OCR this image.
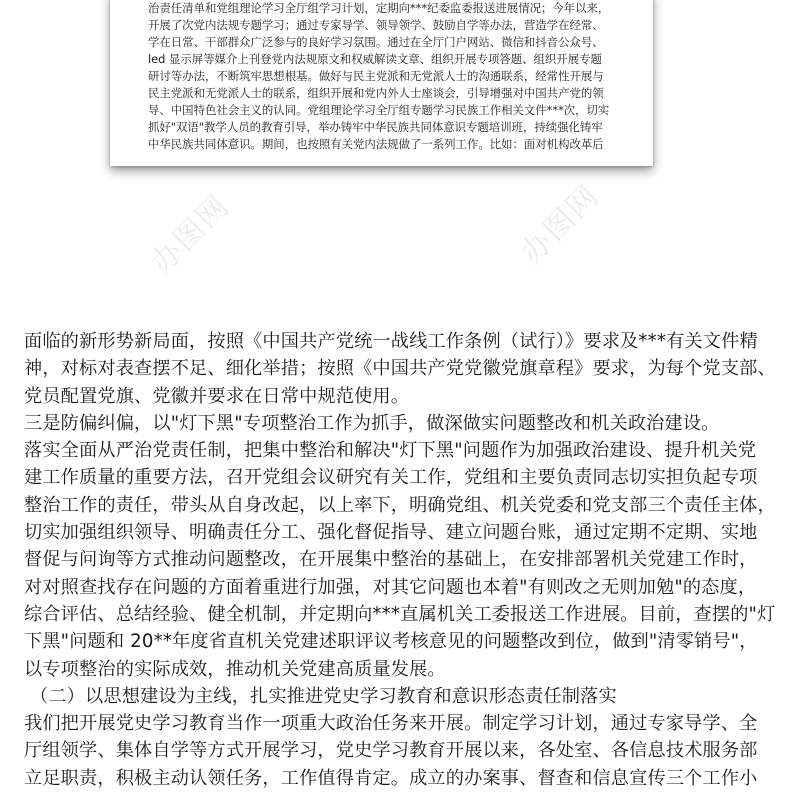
办图网	办图网
治责任清单和党组理论学习全厅组学习计划，定期向***纪委监委报送进展情况；今年以来，
开展了次党内法规专题学习；通过专家导学、领导领学、鼓励自学等办法，营造学在经常、
学在日常、干部群众广泛参与的良好学习氛围。通过在全厅门户网站、微信和抖音公众号、
led 显示屏等媒介上刊登党内法规原文和权威解读文章、组织开展专项答题、组织开展专题
研讨等办法，不断筑牢思想根基。做好与民主党派和无党派人士的沟通联系，经常性开展与
民主党派和无党派人士的联系，组织开展和党内外人士座谈会，引导增强对中国共产党的领
导、中国特色社会主义的认同。党组理论学习全厅组专题学习民族工作相关文件***次，切实
抓好"双语"教学人员的教育引导，举办铸牢中华民族共同体意识专题培训班，持续强化铸牢
中华民族共同体意识。期间，也按照有关党内法规做了一系列工作。比如：面对机构改革后
面临的新形势新局面，按照《中国共产党统一战线工作条例（试行）》要求及***有关文件精
神，对标对表查摆不足、细化举措；按照《中国共产党党徽党旗章程》要求，为每个党支部、
党员配置党旗、党徽并要求在日常中规范使用。
三是防偏纠偏，以"灯下黑"专项整治工作为抓手，做深做实问题整改和机关政治建设。
落实全面从严治党责任制，把集中整治和解决"灯下黑"问题作为加强政治建设、提升机关党
建工作质量的重要方法，召开党组会议研究有关工作，党组和主要负责同志切实担负起专项
整治工作的责任，带头从自身改起，以上率下，明确党组、机关党委和党支部三个责任主体，
切实加强组织领导、明确责任分工、强化督促指导、建立问题台账，通过定期不定期、实地
督促与问询等方式推动问题整改，在开展集中整治的基础上，在安排部署机关党建工作时，
对对照查找存在问题的方面着重进行加强，对其它问题也本着"有则改之无则加勉"的态度，
综合评估、总结经验、健全机制，并定期向***直属机关工委报送工作进展。目前，查摆的"灯
下黑"问题和 20**年度省直机关党建述职评议考核意见的问题整改到位，做到"清零销号"，
以专项整治的实际成效，推动机关党建高质量发展。
（二）以思想建设为主线，扎实推进党史学习教育和意识形态责任制落实
我们把开展党史学习教育当作一项重大政治任务来开展。制定学习计划，通过专家导学、全
厅组领学、集体自学等方式开展学习，党史学习教育开展以来，各处室、各信息技术服务部
立足职责，积极主动认领任务，工作值得肯定。成立的办案事、督查和信息宣传三个工作小
